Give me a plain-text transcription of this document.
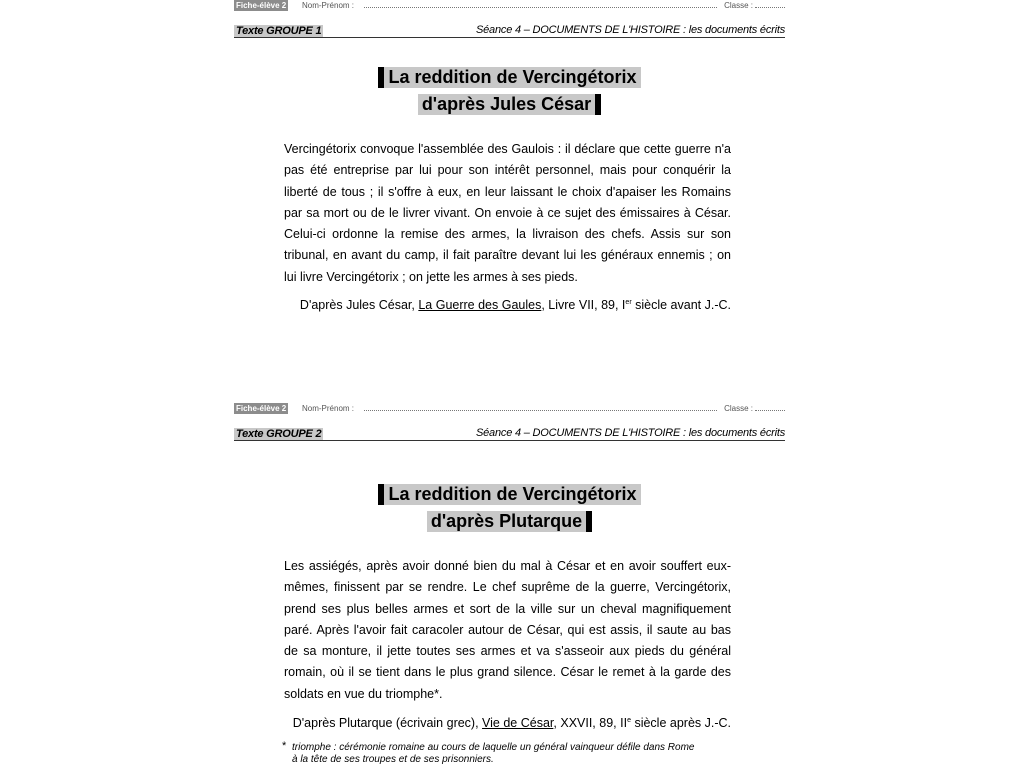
Fiche-élève 2 Nom-Prénom :	Classe :
Texte GROUPE 1	Séance 4 – DOCUMENTS DE L'HISTOIRE : les documents écrits
La reddition de Vercingétorix
d'après Jules César

Vercingétorix convoque l'assemblée des Gaulois : il déclare que cette guerre n'a pas été entreprise par lui pour son intérêt personnel, mais pour conquérir la liberté de tous ; il s'offre à eux, en leur laissant le choix d'apaiser les Romains par sa mort ou de le livrer vivant. On envoie à ce sujet des émissaires à César. Celui-ci ordonne la remise des armes, la livraison des chefs. Assis sur son tribunal, en avant du camp, il fait paraître devant lui les généraux ennemis ; on lui livre Vercingétorix ; on jette les armes à ses pieds.

D'après Jules César, La Guerre des Gaules, Livre VII, 89, Ier siècle avant J.-C.

Fiche-élève 2 Nom-Prénom :	Classe :
Texte GROUPE 2	Séance 4 – DOCUMENTS DE L'HISTOIRE : les documents écrits
La reddition de Vercingétorix
d'après Plutarque

Les assiégés, après avoir donné bien du mal à César et en avoir souffert eux-mêmes, finissent par se rendre. Le chef suprême de la guerre, Vercingétorix, prend ses plus belles armes et sort de la ville sur un cheval magnifiquement paré. Après l'avoir fait caracoler autour de César, qui est assis, il saute au bas de sa monture, il jette toutes ses armes et va s'asseoir aux pieds du général romain, où il se tient dans le plus grand silence. César le remet à la garde des soldats en vue du triomphe*.

D'après Plutarque (écrivain grec), Vie de César, XXVII, 89, IIe siècle après J.-C.

* triomphe : cérémonie romaine au cours de laquelle un général vainqueur défile dans Rome
à la tête de ses troupes et de ses prisonniers.
